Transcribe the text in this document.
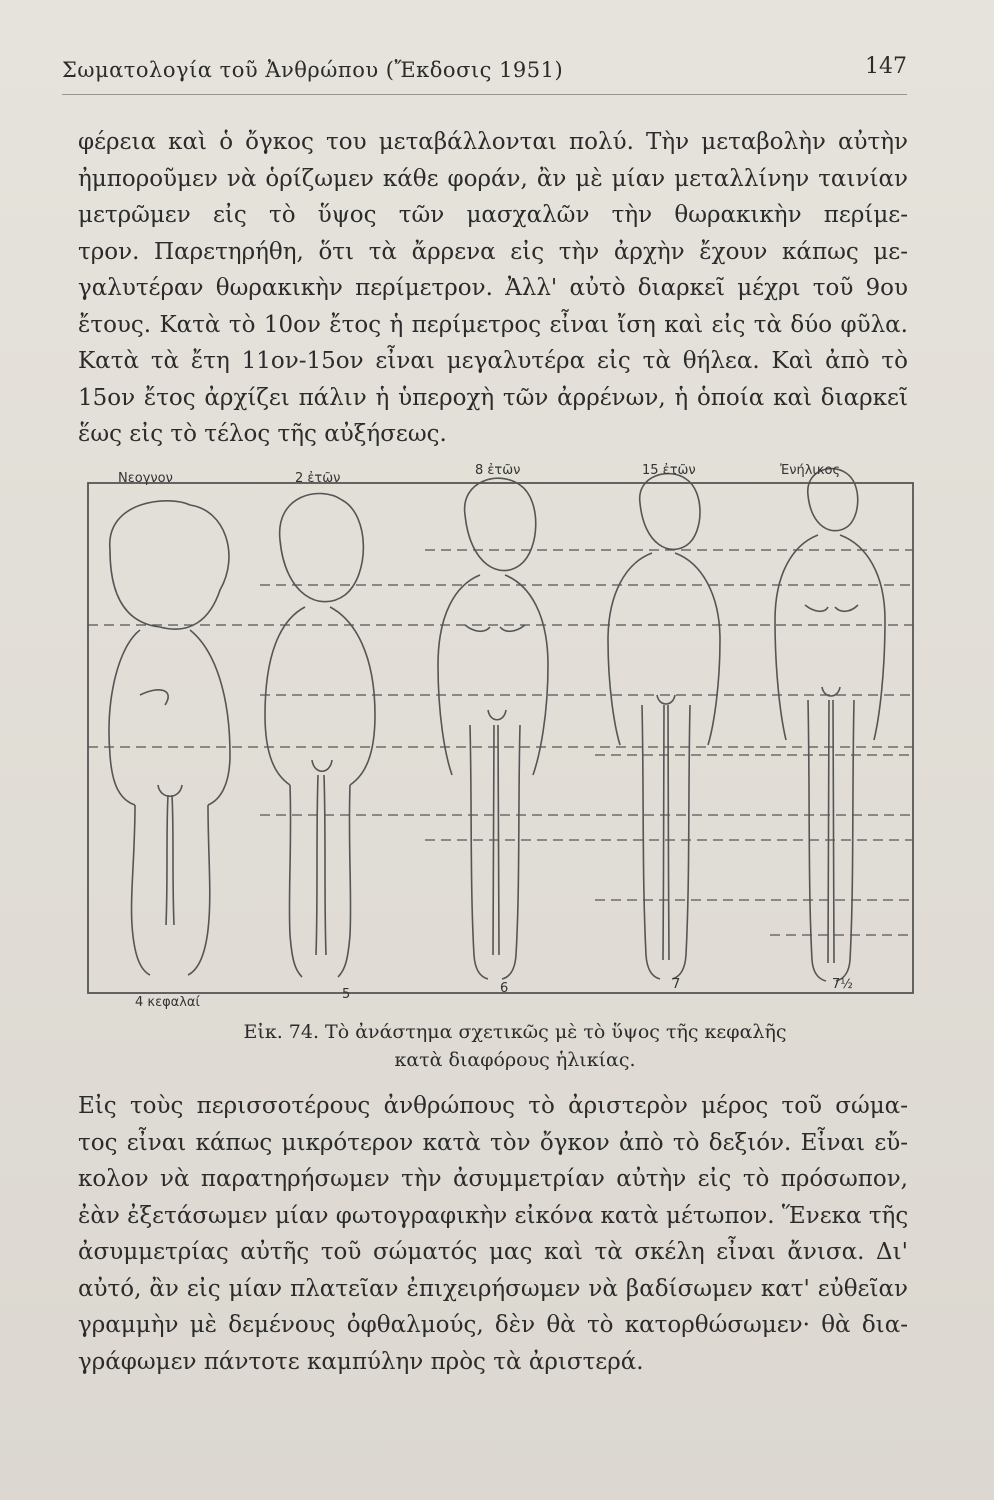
Σωματολογία τοῦ Ἀνθρώπου (Ἔκδοσις 1951)	147
φέρεια καὶ ὁ ὄγκος του μεταβάλλονται πολύ. Τὴν μεταβολὴν αὐτὴν
ἠμποροῦμεν νὰ ὁρίζωμεν κάθε φοράν, ἂν μὲ μίαν μεταλλίνην ταινίαν
μετρῶμεν εἰς τὸ ὕψος τῶν μασχαλῶν τὴν θωρακικὴν περίμε-
τρον. Παρετηρήθη, ὅτι τὰ ἄρρενα εἰς τὴν ἀρχὴν ἔχουν κάπως με-
γαλυτέραν θωρακικὴν περίμετρον. Ἀλλ' αὐτὸ διαρκεῖ μέχρι τοῦ 9ου
ἔτους. Κατὰ τὸ 10ον ἔτος ἡ περίμετρος εἶναι ἴση καὶ εἰς τὰ δύο φῦλα.
Κατὰ τὰ ἔτη 11ον-15ον εἶναι μεγαλυτέρα εἰς τὰ θήλεα. Καὶ ἀπὸ τὸ
15ον ἔτος ἀρχίζει πάλιν ἡ ὑπεροχὴ τῶν ἀρρένων, ἡ ὁποία καὶ διαρκεῖ
ἕως εἰς τὸ τέλος τῆς αὐξήσεως.
Νεογνον	2 ἐτῶν
8 ἐτῶν	15 ἐτῶν	Ἐνήλικος
4 κεφαλαί
5	6	7	7½
Εἰκ. 74. Τὸ ἀνάστημα σχετικῶς μὲ τὸ ὕψος τῆς κεφαλῆς
κατὰ διαφόρους ἡλικίας.
Εἰς τοὺς περισσοτέρους ἀνθρώπους τὸ ἀριστερὸν μέρος τοῦ σώμα-
τος εἶναι κάπως μικρότερον κατὰ τὸν ὄγκον ἀπὸ τὸ δεξιόν. Εἶναι εὔ-
κολον νὰ παρατηρήσωμεν τὴν ἀσυμμετρίαν αὐτὴν εἰς τὸ πρόσωπον,
ἐὰν ἐξετάσωμεν μίαν φωτογραφικὴν εἰκόνα κατὰ μέτωπον. Ἕνεκα τῆς
ἀσυμμετρίας αὐτῆς τοῦ σώματός μας καὶ τὰ σκέλη εἶναι ἄνισα. Δι'
αὐτό, ἂν εἰς μίαν πλατεῖαν ἐπιχειρήσωμεν νὰ βαδίσωμεν κατ' εὐθεῖαν
γραμμὴν μὲ δεμένους ὀφθαλμούς, δὲν θὰ τὸ κατορθώσωμεν· θὰ δια-
γράφωμεν πάντοτε καμπύλην πρὸς τὰ ἀριστερά.
